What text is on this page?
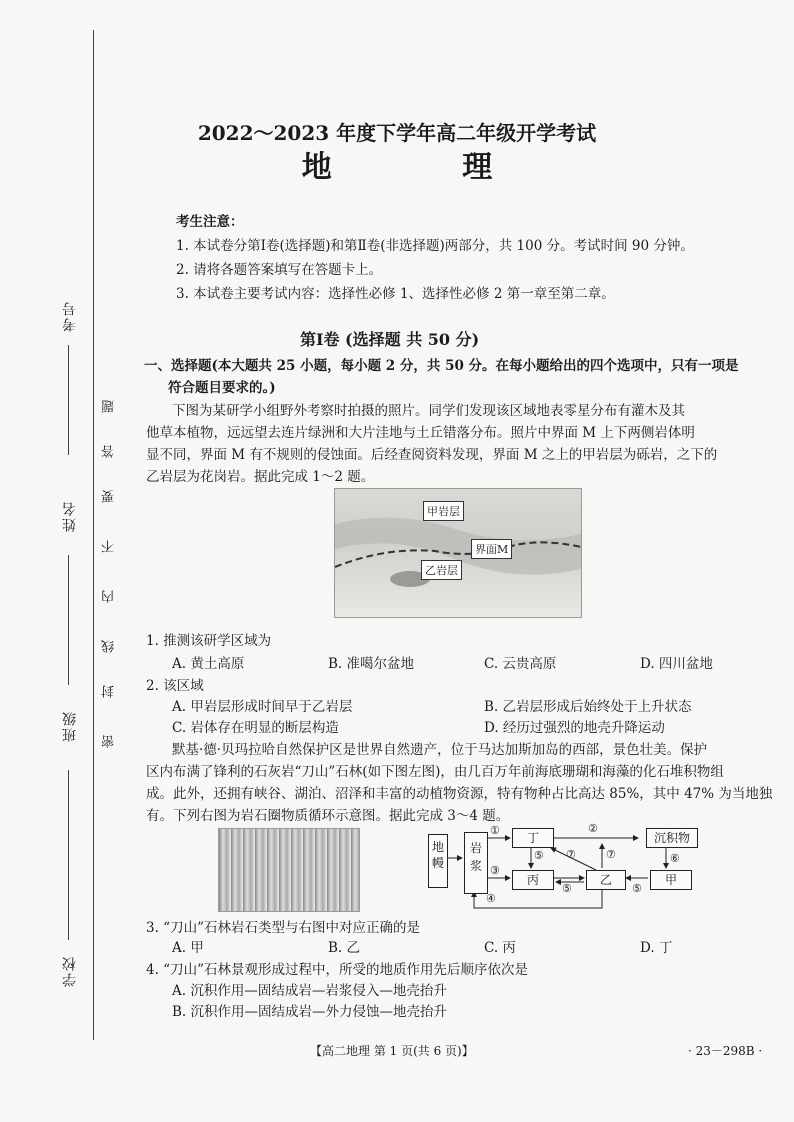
考号
姓名
班级
学校
题
答
要
不
内
线
封
密
2022～2023 年度下学年高二年级开学考试
地 理
考生注意：
1. 本试卷分第Ⅰ卷(选择题)和第Ⅱ卷(非选择题)两部分，共 100 分。考试时间 90 分钟。
2. 请将各题答案填写在答题卡上。
3. 本试卷主要考试内容：选择性必修 1、选择性必修 2 第一章至第二章。
第Ⅰ卷 (选择题 共 50 分)
一、选择题(本大题共 25 小题，每小题 2 分，共 50 分。在每小题给出的四个选项中，只有一项是
符合题目要求的。)
下图为某研学小组野外考察时拍摄的照片。同学们发现该区域地表零星分布有灌木及其
他草本植物，远远望去连片绿洲和大片洼地与土丘错落分布。照片中界面 M 上下两侧岩体明
显不同，界面 M 有不规则的侵蚀面。后经查阅资料发现，界面 M 之上的甲岩层为砾岩，之下的
乙岩层为花岗岩。据此完成 1～2 题。
甲岩层
界面M
乙岩层
1. 推测该研学区域为
A. 黄土高原	B. 准噶尔盆地	C. 云贵高原	D. 四川盆地
2. 该区域
A. 甲岩层形成时间早于乙岩层	B. 乙岩层形成后始终处于上升状态
C. 岩体存在明显的断层构造	D. 经历过强烈的地壳升降运动
默基·德·贝玛拉哈自然保护区是世界自然遗产，位于马达加斯加岛的西部，景色壮美。保护
区内布满了锋利的石灰岩“刀山”石林(如下图左图)，由几百万年前海底珊瑚和海藻的化石堆积物组
成。此外，还拥有峡谷、湖泊、沼泽和丰富的动植物资源，特有物种占比高达 85%，其中 47% 为当地独
有。下列右图为岩石圈物质循环示意图。据此完成 3～4 题。
地幔
岩浆
丁
丙	乙	甲
沉积物
①	②
③
④
⑤
⑤	⑤
⑥
⑦	⑦
3. “刀山”石林岩石类型与右图中对应正确的是
A. 甲	B. 乙	C. 丙	D. 丁
4. “刀山”石林景观形成过程中，所受的地质作用先后顺序依次是
A. 沉积作用—固结成岩—岩浆侵入—地壳抬升
B. 沉积作用—固结成岩—外力侵蚀—地壳抬升
【高二地理 第 1 页(共 6 页)】	· 23－298B ·
